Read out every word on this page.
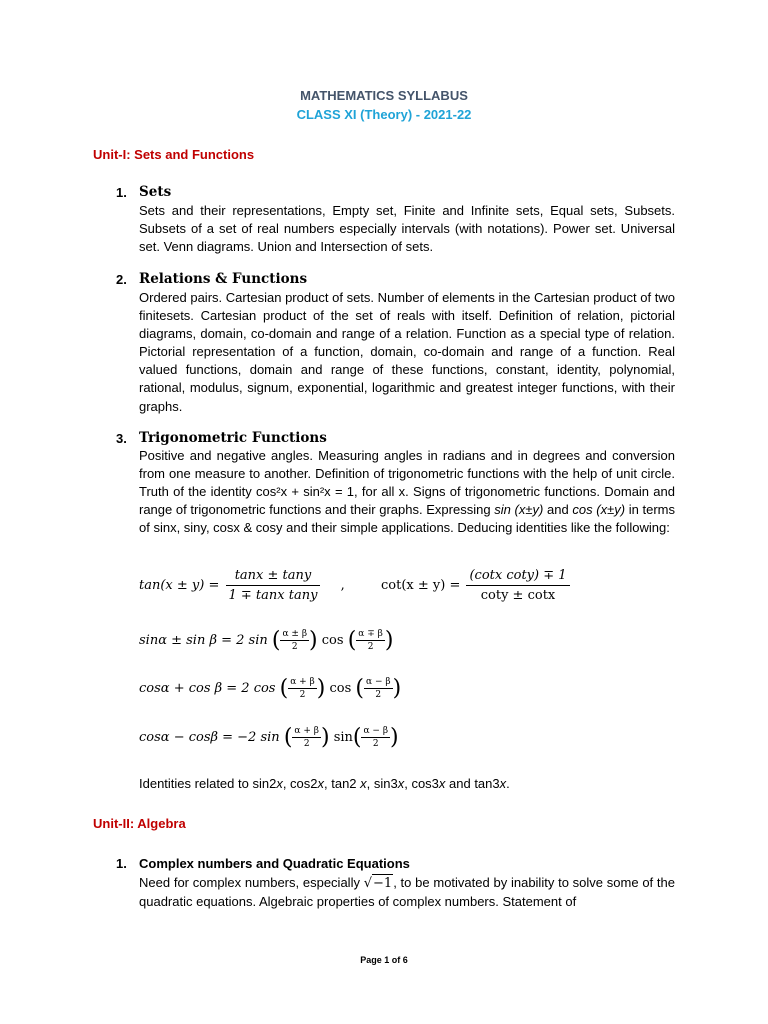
MATHEMATICS SYLLABUS
CLASS XI (Theory) - 2021-22
Unit-I: Sets and Functions
1. Sets
Sets and their representations, Empty set, Finite and Infinite sets, Equal sets, Subsets. Subsets of a set of real numbers especially intervals (with notations). Power set. Universal set. Venn diagrams. Union and Intersection of sets.
2. Relations & Functions
Ordered pairs. Cartesian product of sets. Number of elements in the Cartesian product of two finitesets. Cartesian product of the set of reals with itself. Definition of relation, pictorial diagrams, domain, co-domain and range of a relation. Function as a special type of relation. Pictorial representation of a function, domain, co-domain and range of a function. Real valued functions, domain and range of these functions, constant, identity, polynomial, rational, modulus, signum, exponential, logarithmic and greatest integer functions, with their graphs.
3. Trigonometric Functions
Positive and negative angles. Measuring angles in radians and in degrees and conversion from one measure to another. Definition of trigonometric functions with the help of unit circle. Truth of the identity cos²x + sin²x = 1, for all x. Signs of trigonometric functions. Domain and range of trigonometric functions and their graphs. Expressing sin (x±y) and cos (x±y) in terms of sinx, siny, cosx & cosy and their simple applications. Deducing identities like the following:
$\tan(x \pm y) = \frac{\tan x \pm \tan y}{\text{1 ∓ tanx tany}}$ ,	$\cot(x \pm y) = \frac{\text{(cotx coty) ∓ 1}}{\cot y \pm \cot x}$
sinα ± sin β = 2 sin ( $\frac{\alpha \pm \beta}{2}$ ) cos ( $\frac{\alpha \mp \beta}{2}$ )
cosα + cos β = 2 cos ( $\frac{\alpha + \beta}{2}$ ) cos ( $\frac{\alpha - \beta}{2}$ )
cosα − cosβ = −2 sin ( $\frac{\alpha + \beta}{2}$ ) $\sin( \frac{\alpha - \beta}{2}$ )
Identities related to sin2x, cos2x, tan2 x, sin3x, cos3x and tan3x.
Unit-II: Algebra
1. Complex numbers and Quadratic Equations
Need for complex numbers, especially √−1, to be motivated by inability to solve some of the quadratic equations. Algebraic properties of complex numbers. Statement of
Page 1 of 6
